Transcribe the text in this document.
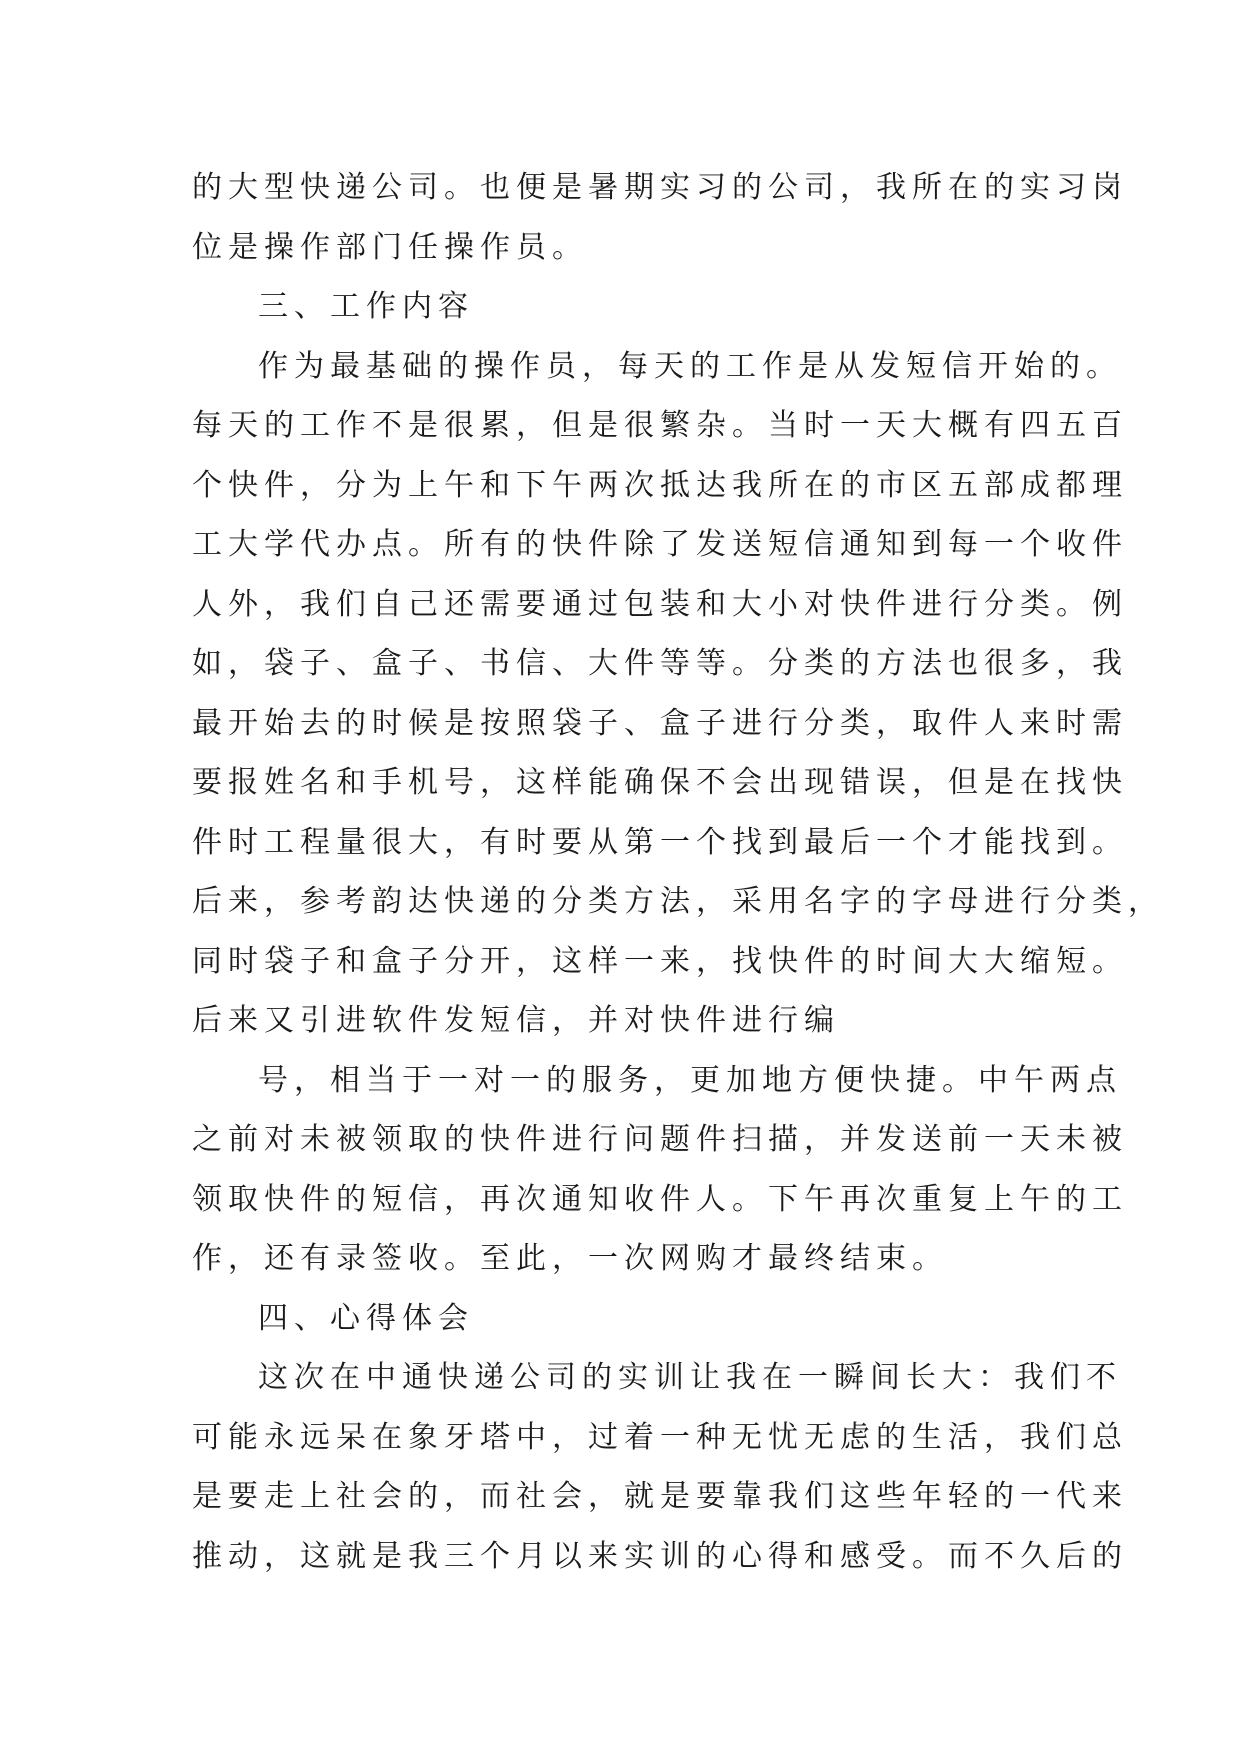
的大型快递公司。也便是暑期实习的公司，我所在的实习岗
位是操作部门任操作员。
三、工作内容
作为最基础的操作员，每天的工作是从发短信开始的。
每天的工作不是很累，但是很繁杂。当时一天大概有四五百
个快件，分为上午和下午两次抵达我所在的市区五部成都理
工大学代办点。所有的快件除了发送短信通知到每一个收件
人外，我们自己还需要通过包装和大小对快件进行分类。例
如，袋子、盒子、书信、大件等等。分类的方法也很多，我
最开始去的时候是按照袋子、盒子进行分类，取件人来时需
要报姓名和手机号，这样能确保不会出现错误，但是在找快
件时工程量很大，有时要从第一个找到最后一个才能找到。
后来，参考韵达快递的分类方法，采用名字的字母进行分类，
同时袋子和盒子分开，这样一来，找快件的时间大大缩短。
后来又引进软件发短信，并对快件进行编
号，相当于一对一的服务，更加地方便快捷。中午两点
之前对未被领取的快件进行问题件扫描，并发送前一天未被
领取快件的短信，再次通知收件人。下午再次重复上午的工
作，还有录签收。至此，一次网购才最终结束。
四、心得体会
这次在中通快递公司的实训让我在一瞬间长大：我们不
可能永远呆在象牙塔中，过着一种无忧无虑的生活，我们总
是要走上社会的，而社会，就是要靠我们这些年轻的一代来
推动，这就是我三个月以来实训的心得和感受。而不久后的
